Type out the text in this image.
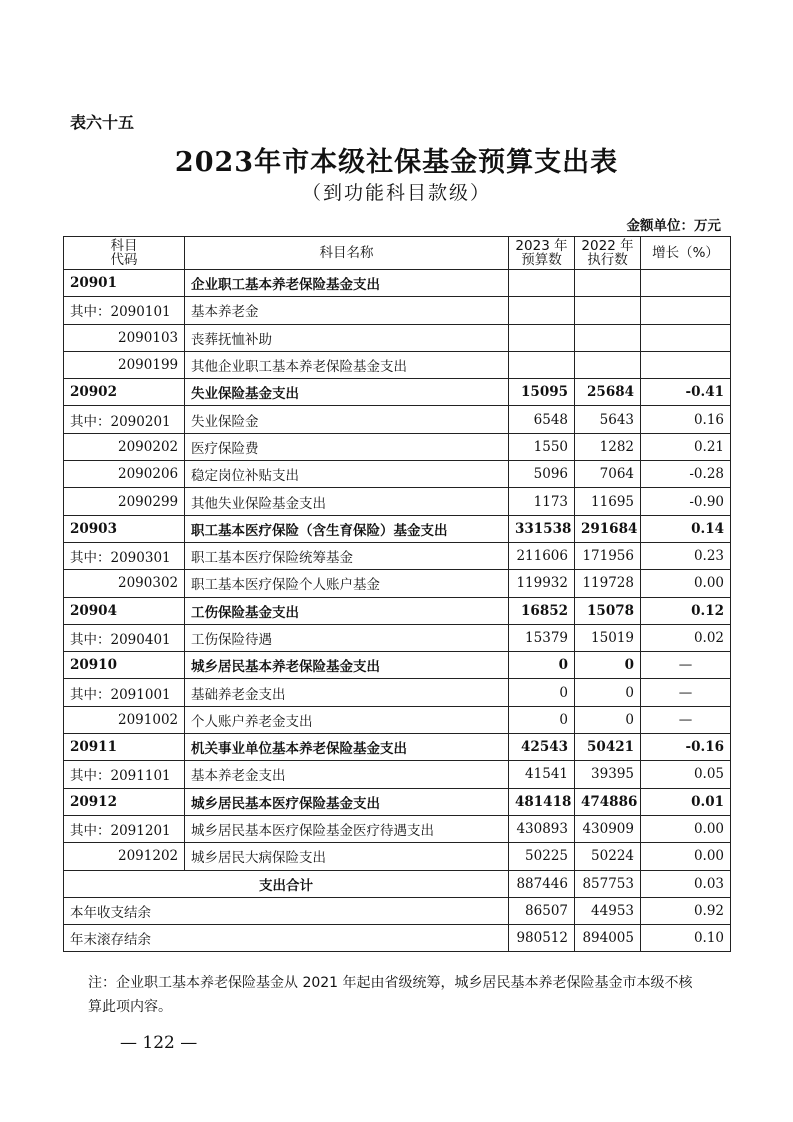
表六十五
2023年市本级社保基金预算支出表
（到功能科目款级）
金额单位：万元
科目代码	科目名称	2023 年预算数	2022 年执行数	增长（%）
20901	企业职工基本养老保险基金支出			
其中：2090101	基本养老金			
2090103	丧葬抚恤补助			
2090199	其他企业职工基本养老保险基金支出			
20902	失业保险基金支出	15095	25684	-0.41
其中：2090201	失业保险金	6548	5643	0.16
2090202	医疗保险费	1550	1282	0.21
2090206	稳定岗位补贴支出	5096	7064	-0.28
2090299	其他失业保险基金支出	1173	11695	-0.90
20903	职工基本医疗保险（含生育保险）基金支出	331538	291684	0.14
其中：2090301	职工基本医疗保险统筹基金	211606	171956	0.23
2090302	职工基本医疗保险个人账户基金	119932	119728	0.00
20904	工伤保险基金支出	16852	15078	0.12
其中：2090401	工伤保险待遇	15379	15019	0.02
20910	城乡居民基本养老保险基金支出	0	0	—
其中：2091001	基础养老金支出	0	0	—
2091002	个人账户养老金支出	0	0	—
20911	机关事业单位基本养老保险基金支出	42543	50421	-0.16
其中：2091101	基本养老金支出	41541	39395	0.05
20912	城乡居民基本医疗保险基金支出	481418	474886	0.01
其中：2091201	城乡居民基本医疗保险基金医疗待遇支出	430893	430909	0.00
2091202	城乡居民大病保险支出	50225	50224	0.00
支出合计		887446	857753	0.03
本年收支结余		86507	44953	0.92
年末滚存结余		980512	894005	0.10
注：企业职工基本养老保险基金从 2021 年起由省级统筹，城乡居民基本养老保险基金市本级不核算此项内容。
— 122 —
